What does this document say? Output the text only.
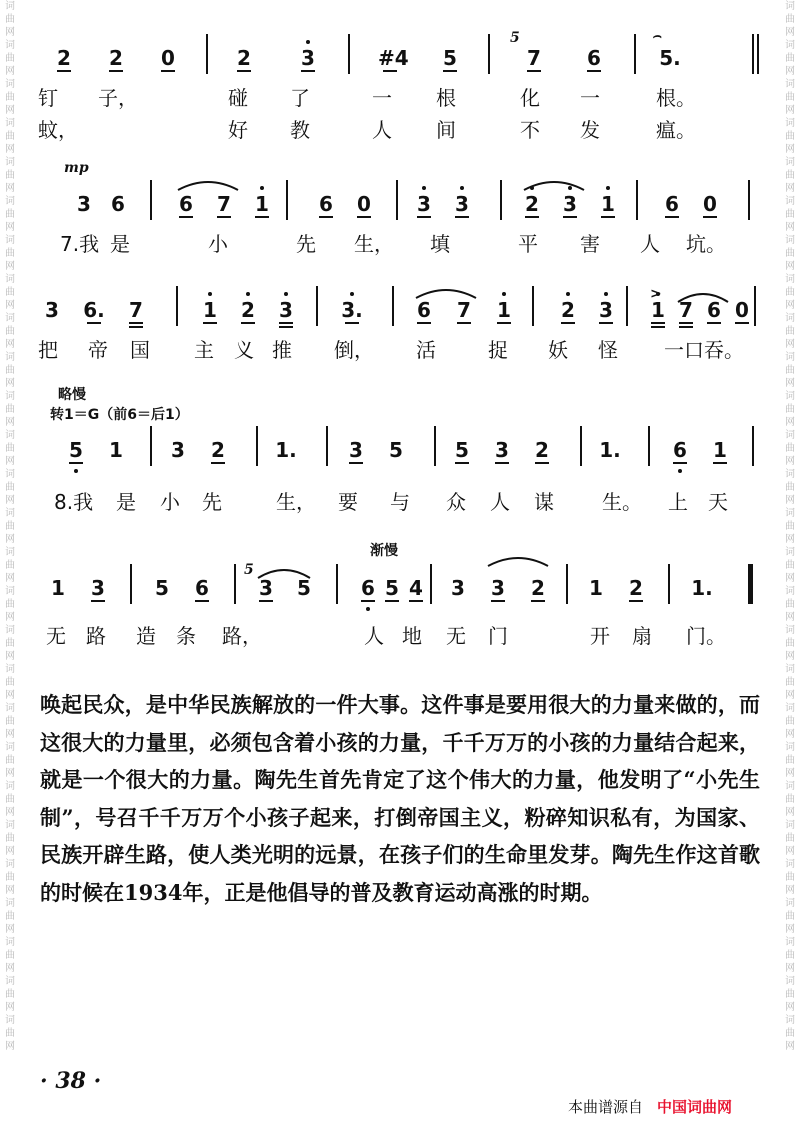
词曲网词曲网词曲网词曲网词曲网词曲网词曲网词曲网词曲网词曲网词曲网词曲网词曲网词曲网词曲网词曲网词曲网词曲网词曲网词曲网词曲网词曲网词曲网词曲网词曲网词曲网词曲网
词曲网词曲网词曲网词曲网词曲网词曲网词曲网词曲网词曲网词曲网词曲网词曲网词曲网词曲网词曲网词曲网词曲网词曲网词曲网词曲网词曲网词曲网词曲网词曲网词曲网词曲网词曲网
2 2 0	2	3	#4 5	7 6	5.
钉 子，	碰 了	一 根	化 一	根。
蚊，	好 教	人 间	不 发	瘟。
5	⌢
3 6	6 7 1	6 0 3 3	2 3 1	6 0
7.我 是	小	先 生， 填	平 害 人 坑。
mp
3 6. 7	1 2 3 3.	6 7 1	2 3 1 7 6 0
把 帝 国 主 义 推 倒， 活	捉 妖 怪 一口吞。
>
5 1 3 2	1.	3 5	5 3 2	1.	6 1
8.我 是 小 先	生， 要 与 众 人 谋 生。 上 天
1 3	5 6	3 5	6 5 4 3 3 2 1 2 1.
无 路 造 条 路，	人 地 无 门	开 扇 门。
5
略慢
转1＝G（前6＝后1）
渐慢

唤起民众，是中华民族解放的一件大事。这件事是要用很大的力量来做的，而这很大的力量里，必须包含着小孩的力量，千千万万的小孩的力量结合起来，就是一个很大的力量。陶先生首先肯定了这个伟大的力量，他发明了“小先生制”，号召千千万万个小孩子起来，打倒帝国主义，粉碎知识私有，为国家、民族开辟生路，使人类光明的远景，在孩子们的生命里发芽。陶先生作这首歌的时候在1934年，正是他倡导的普及教育运动高涨的时期。

· 38 ·
本曲谱源自 中国词曲网
